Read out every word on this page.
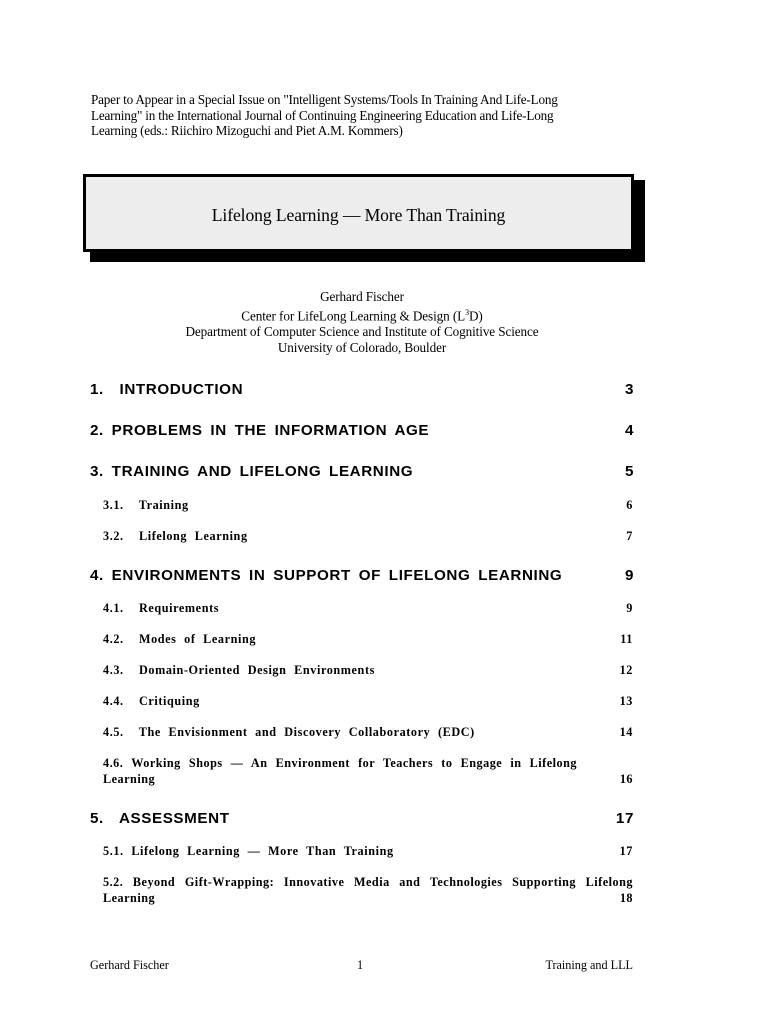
Paper to Appear in a Special Issue on "Intelligent Systems/Tools In Training And Life-Long
Learning" in the International Journal of Continuing Engineering Education and Life-Long
Learning (eds.: Riichiro Mizoguchi and Piet A.M. Kommers)
Lifelong Learning — More Than Training
Gerhard Fischer
Center for LifeLong Learning & Design $(L^3D)$
Department of Computer Science and Institute of Cognitive Science
University of Colorado, Boulder
1.  INTRODUCTION	3
2. PROBLEMS IN THE INFORMATION AGE	4
3. TRAINING AND LIFELONG LEARNING	5
3.1.  Training	6
3.2.  Lifelong Learning	7
4. ENVIRONMENTS IN SUPPORT OF LIFELONG LEARNING	9
4.1.  Requirements	9
4.2.  Modes of Learning	11
4.3.  Domain-Oriented Design Environments	12
4.4.  Critiquing	13
4.5.  The Envisionment and Discovery Collaboratory (EDC)	14
4.6. Working Shops — An Environment for Teachers to Engage in Lifelong
Learning	16
5.  ASSESSMENT	17
5.1. Lifelong Learning — More Than Training	17
5.2. Beyond Gift-Wrapping: Innovative Media and Technologies Supporting Lifelong
Learning	18
Gerhard Fischer	1	Training and LLL
